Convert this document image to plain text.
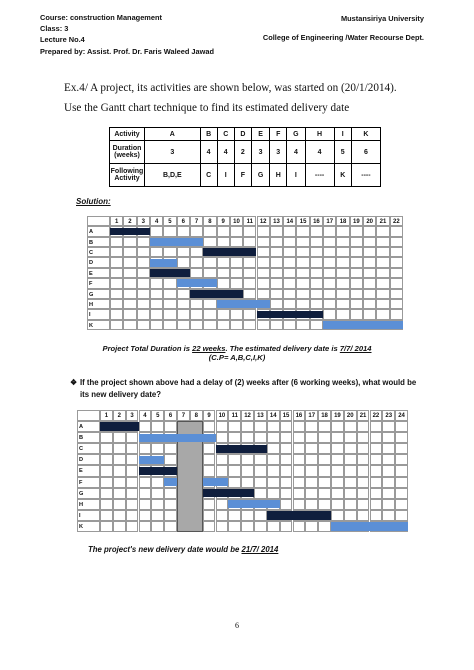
Course: construction Management
Class: 3
Lecture No.4
Prepared by: Assist. Prof. Dr. Faris Waleed Jawad
Mustansiriya University
College of Engineering /Water Recourse Dept.
Ex.4/ A project, its activities are shown below, was started on (20/1/2014).
Use the Gantt chart technique to find its estimated delivery date
Activity	A	B	C	D	E	F	G	H	I	K
Duration (weeks)	3	4	4	2	3	3	4	4	5	6
Following Activity	B,D,E	C	I	F	G	H	I	----	K	----
Solution:
1	2	3	4	5	6	7	8	9	10	11	12	13	14	15	16	17	18	19	20	21	22
A
B
C
D
E
F
G
H
I
K
Project Total Duration is 22 weeks. The estimated delivery date is 7/7/ 2014
(C.P= A,B,C,I,K)
❖ If the project shown above had a delay of (2) weeks after (6 working weeks), what would be its new delivery date?
1	2	3	4	5	6	7	8	9	10	11	12	13	14	15	16	17	18	19	20	21	22	23	24
A
B
C
D
E
F
G
H
I
K
The project's new delivery date would be 21/7/ 2014
6
